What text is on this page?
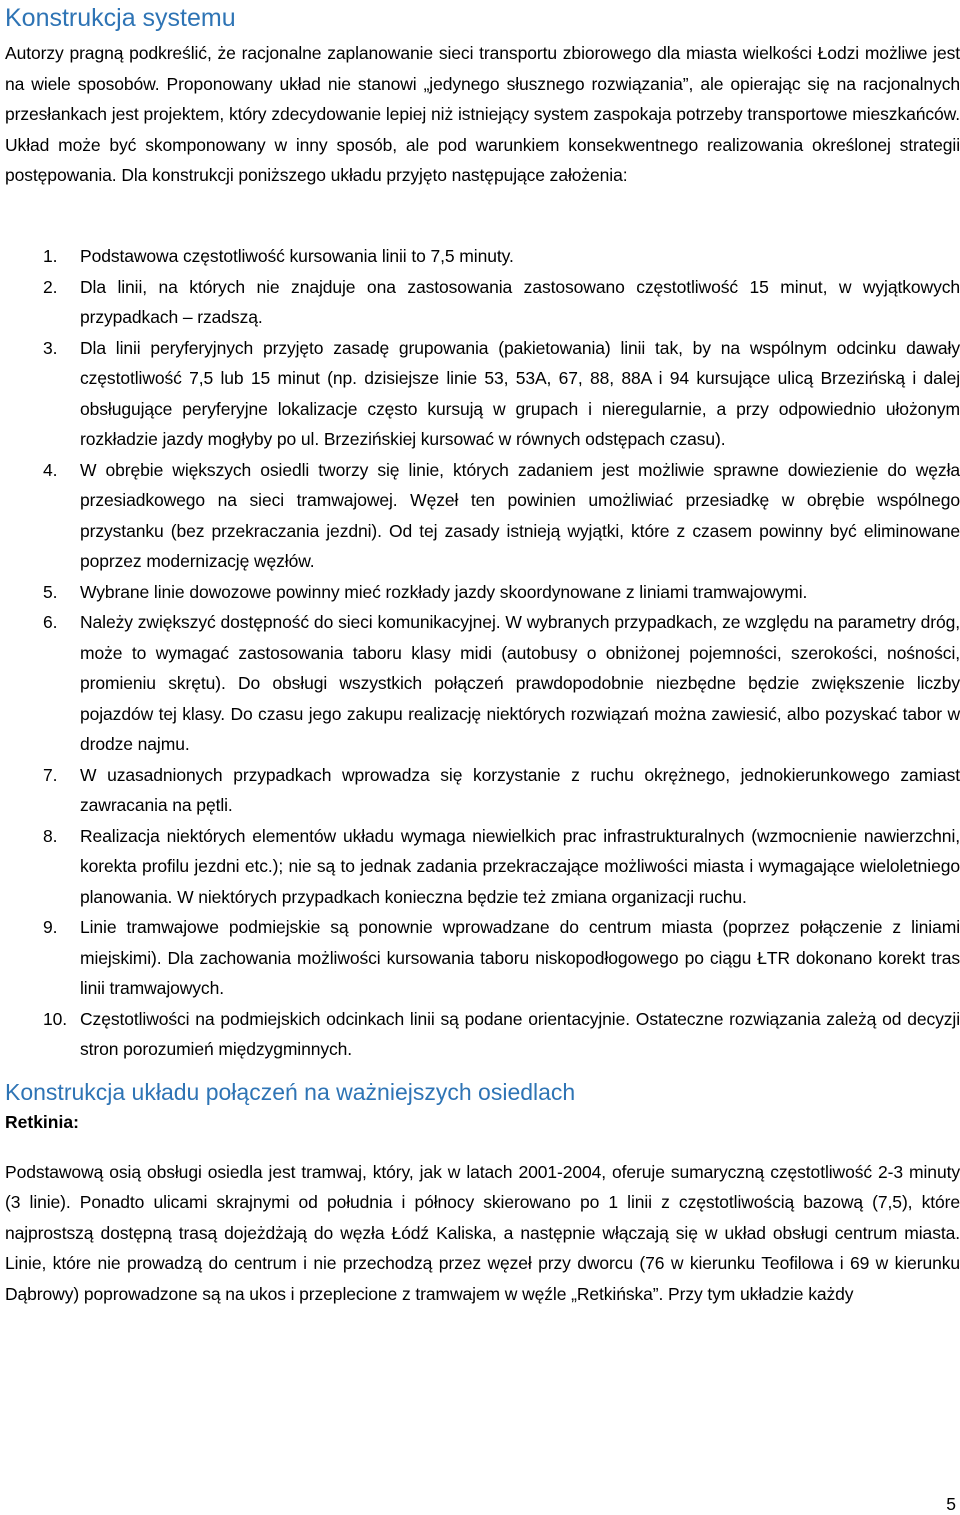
Konstrukcja systemu

Autorzy pragną podkreślić, że racjonalne zaplanowanie sieci transportu zbiorowego dla miasta wielkości Łodzi możliwe jest na wiele sposobów. Proponowany układ nie stanowi „jedynego słusznego rozwiązania”, ale opierając się na racjonalnych przesłankach jest projektem, który zdecydowanie lepiej niż istniejący system zaspokaja potrzeby transportowe mieszkańców. Układ może być skomponowany w inny sposób, ale pod warunkiem konsekwentnego realizowania określonej strategii postępowania. Dla konstrukcji poniższego układu przyjęto następujące założenia:

1. Podstawowa częstotliwość kursowania linii to 7,5 minuty.
2. Dla linii, na których nie znajduje ona zastosowania zastosowano częstotliwość 15 minut, w wyjątkowych przypadkach – rzadszą.
3. Dla linii peryferyjnych przyjęto zasadę grupowania (pakietowania) linii tak, by na wspólnym odcinku dawały częstotliwość 7,5 lub 15 minut (np. dzisiejsze linie 53, 53A, 67, 88, 88A i 94 kursujące ulicą Brzezińską i dalej obsługujące peryferyjne lokalizacje często kursują w grupach i nieregularnie, a przy odpowiednio ułożonym rozkładzie jazdy mogłyby po ul. Brzezińskiej kursować w równych odstępach czasu).
4. W obrębie większych osiedli tworzy się linie, których zadaniem jest możliwie sprawne dowiezienie do węzła przesiadkowego na sieci tramwajowej. Węzeł ten powinien umożliwiać przesiadkę w obrębie wspólnego przystanku (bez przekraczania jezdni). Od tej zasady istnieją wyjątki, które z czasem powinny być eliminowane poprzez modernizację węzłów.
5. Wybrane linie dowozowe powinny mieć rozkłady jazdy skoordynowane z liniami tramwajowymi.
6. Należy zwiększyć dostępność do sieci komunikacyjnej. W wybranych przypadkach, ze względu na parametry dróg, może to wymagać zastosowania taboru klasy midi (autobusy o obniżonej pojemności, szerokości, nośności, promieniu skrętu). Do obsługi wszystkich połączeń prawdopodobnie niezbędne będzie zwiększenie liczby pojazdów tej klasy. Do czasu jego zakupu realizację niektórych rozwiązań można zawiesić, albo pozyskać tabor w drodze najmu.
7. W uzasadnionych przypadkach wprowadza się korzystanie z ruchu okrężnego, jednokierunkowego zamiast zawracania na pętli.
8. Realizacja niektórych elementów układu wymaga niewielkich prac infrastrukturalnych (wzmocnienie nawierzchni, korekta profilu jezdni etc.); nie są to jednak zadania przekraczające możliwości miasta i wymagające wieloletniego planowania. W niektórych przypadkach konieczna będzie też zmiana organizacji ruchu.
9. Linie tramwajowe podmiejskie są ponownie wprowadzane do centrum miasta (poprzez połączenie z liniami miejskimi). Dla zachowania możliwości kursowania taboru niskopodłogowego po ciągu ŁTR dokonano korekt tras linii tramwajowych.
10. Częstotliwości na podmiejskich odcinkach linii są podane orientacyjnie. Ostateczne rozwiązania zależą od decyzji stron porozumień międzygminnych.
Konstrukcja układu połączeń na ważniejszych osiedlach
Retkinia:

Podstawową osią obsługi osiedla jest tramwaj, który, jak w latach 2001-2004, oferuje sumaryczną częstotliwość 2-3 minuty (3 linie). Ponadto ulicami skrajnymi od południa i północy skierowano po 1 linii z częstotliwością bazową (7,5), które najprostszą dostępną trasą dojeżdżają do węzła Łódź Kaliska, a następnie włączają się w układ obsługi centrum miasta. Linie, które nie prowadzą do centrum i nie przechodzą przez węzeł przy dworcu (76 w kierunku Teofilowa i 69 w kierunku Dąbrowy) poprowadzone są na ukos i przeplecione z tramwajem w węźle „Retkińska”. Przy tym układzie każdy

5
